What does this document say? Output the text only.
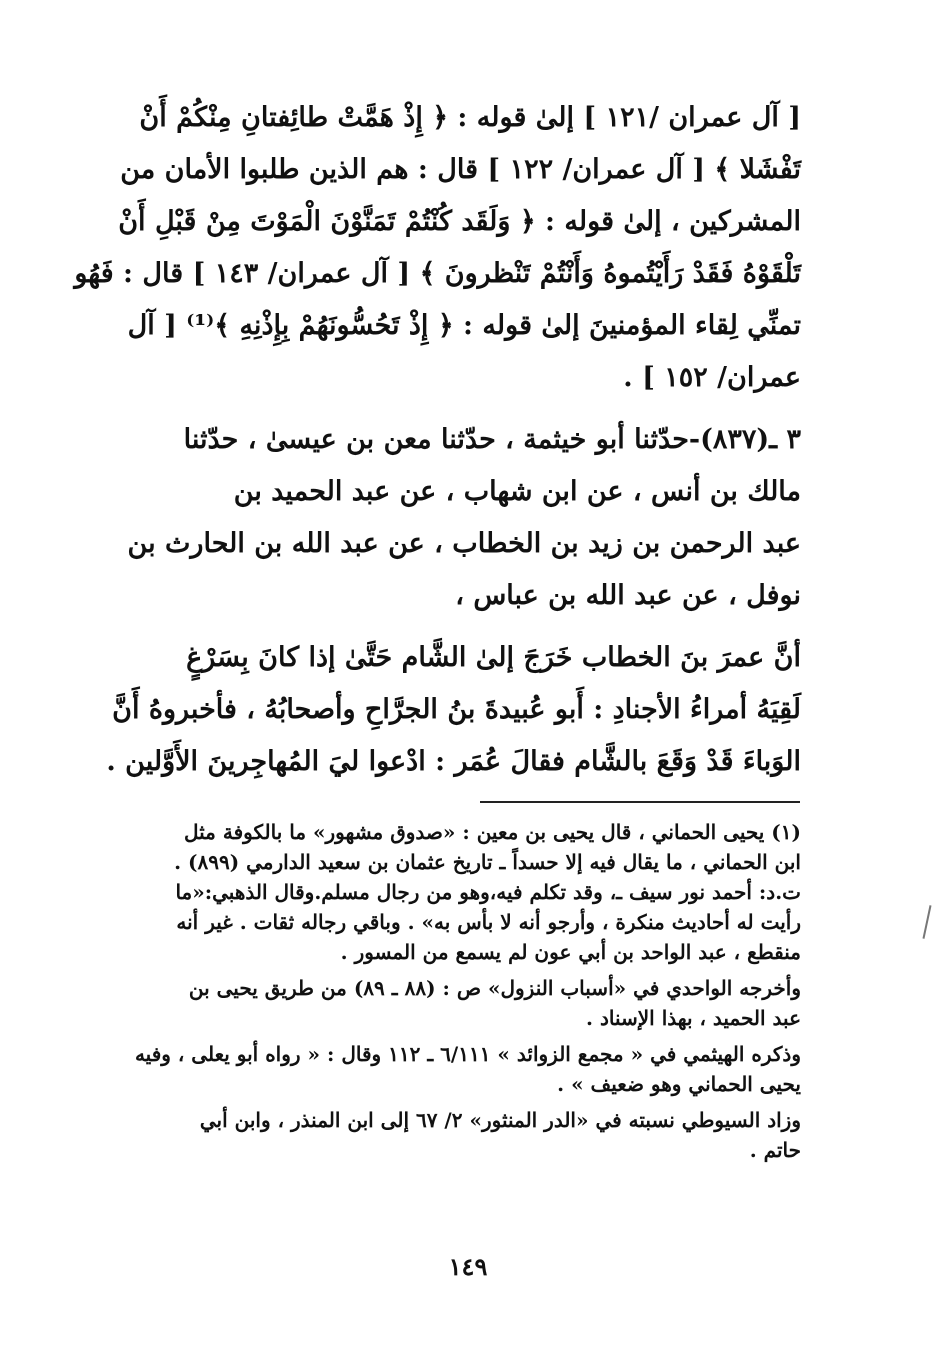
[ آل عمران /١٢١ ] إلىٰ قوله : ﴿ إِذْ هَمَّتْ طائِفتانِ مِنْكُمْ أَنْ
تَفْشَلا ﴾ [ آل عمران/ ١٢٢ ] قال : هم الذين طلبوا الأمان من
المشركين ، إلىٰ قوله : ﴿ وَلَقَد كُنْتُمْ تَمَنَّوْنَ الْمَوْتَ مِنْ قَبْلِ أَنْ
تَلْقَوْهُ فَقَدْ رَأَيْتُموهُ وَأَنْتُمْ تَنْظرونَ ﴾ [ آل عمران/ ١٤٣ ] قال : فَهُو
تمنِّي لِقاء المؤمنينَ إلىٰ قوله : ﴿ إِذْ تَحُسُّونَهُمْ بِإِذْنِهِ ﴾⁽¹⁾ [ آل
عمران/ ١٥٢ ] .
٣ ـ(٨٣٧)-حدّثنا أبو خيثمة ، حدّثنا معن بن عيسىٰ ، حدّثنا
مالك بن أنس ، عن ابن شهاب ، عن عبد الحميد بن
عبد الرحمن بن زيد بن الخطاب ، عن عبد الله بن الحارث بن
نوفل ، عن عبد الله بن عباس ،
أنَّ عمرَ بنَ الخطاب خَرَجَ إلىٰ الشَّام حَتَّىٰ إذا كانَ بِسَرْغٍ
لَقِيَهُ أمراءُ الأجنادِ : أَبو عُبيدةَ بنُ الجرَّاحِ وأصحابُهُ ، فأخبروهُ أَنَّ
الوَباءَ قَدْ وَقَعَ بالشَّام فقالَ عُمَر : ادْعوا ليَ المُهاجِرينَ الأَوَّلين .
(١) يحيى الحماني ، قال يحيى بن معين : «صدوق مشهور» ما بالكوفة مثل
ابن الحماني ، ما يقال فيه إلا حسداً ـ تاريخ عثمان بن سعيد الدارمي (٨٩٩) .
ت.د: أحمد نور سيف ـ، وقد تكلم فيه،وهو من رجال مسلم.وقال الذهبي:«ما
رأيت له أحاديث منكرة ، وأرجو أنه لا بأس به» . وباقي رجاله ثقات . غير أنه
منقطع ، عبد الواحد بن أبي عون لم يسمع من المسور .
وأخرجه الواحدي في «أسباب النزول» ص : (٨٨ ـ ٨٩) من طريق يحيى بن
عبد الحميد ، بهذا الإسناد .
وذكره الهيثمي في « مجمع الزوائد » ٦/١١١ ـ ١١٢ وقال : « رواه أبو يعلى ، وفيه
يحيى الحماني وهو ضعيف » .
وزاد السيوطي نسبته في «الدر المنثور» ٢/ ٦٧ إلى ابن المنذر ، وابن أبي
حاتم .
١٤٩
